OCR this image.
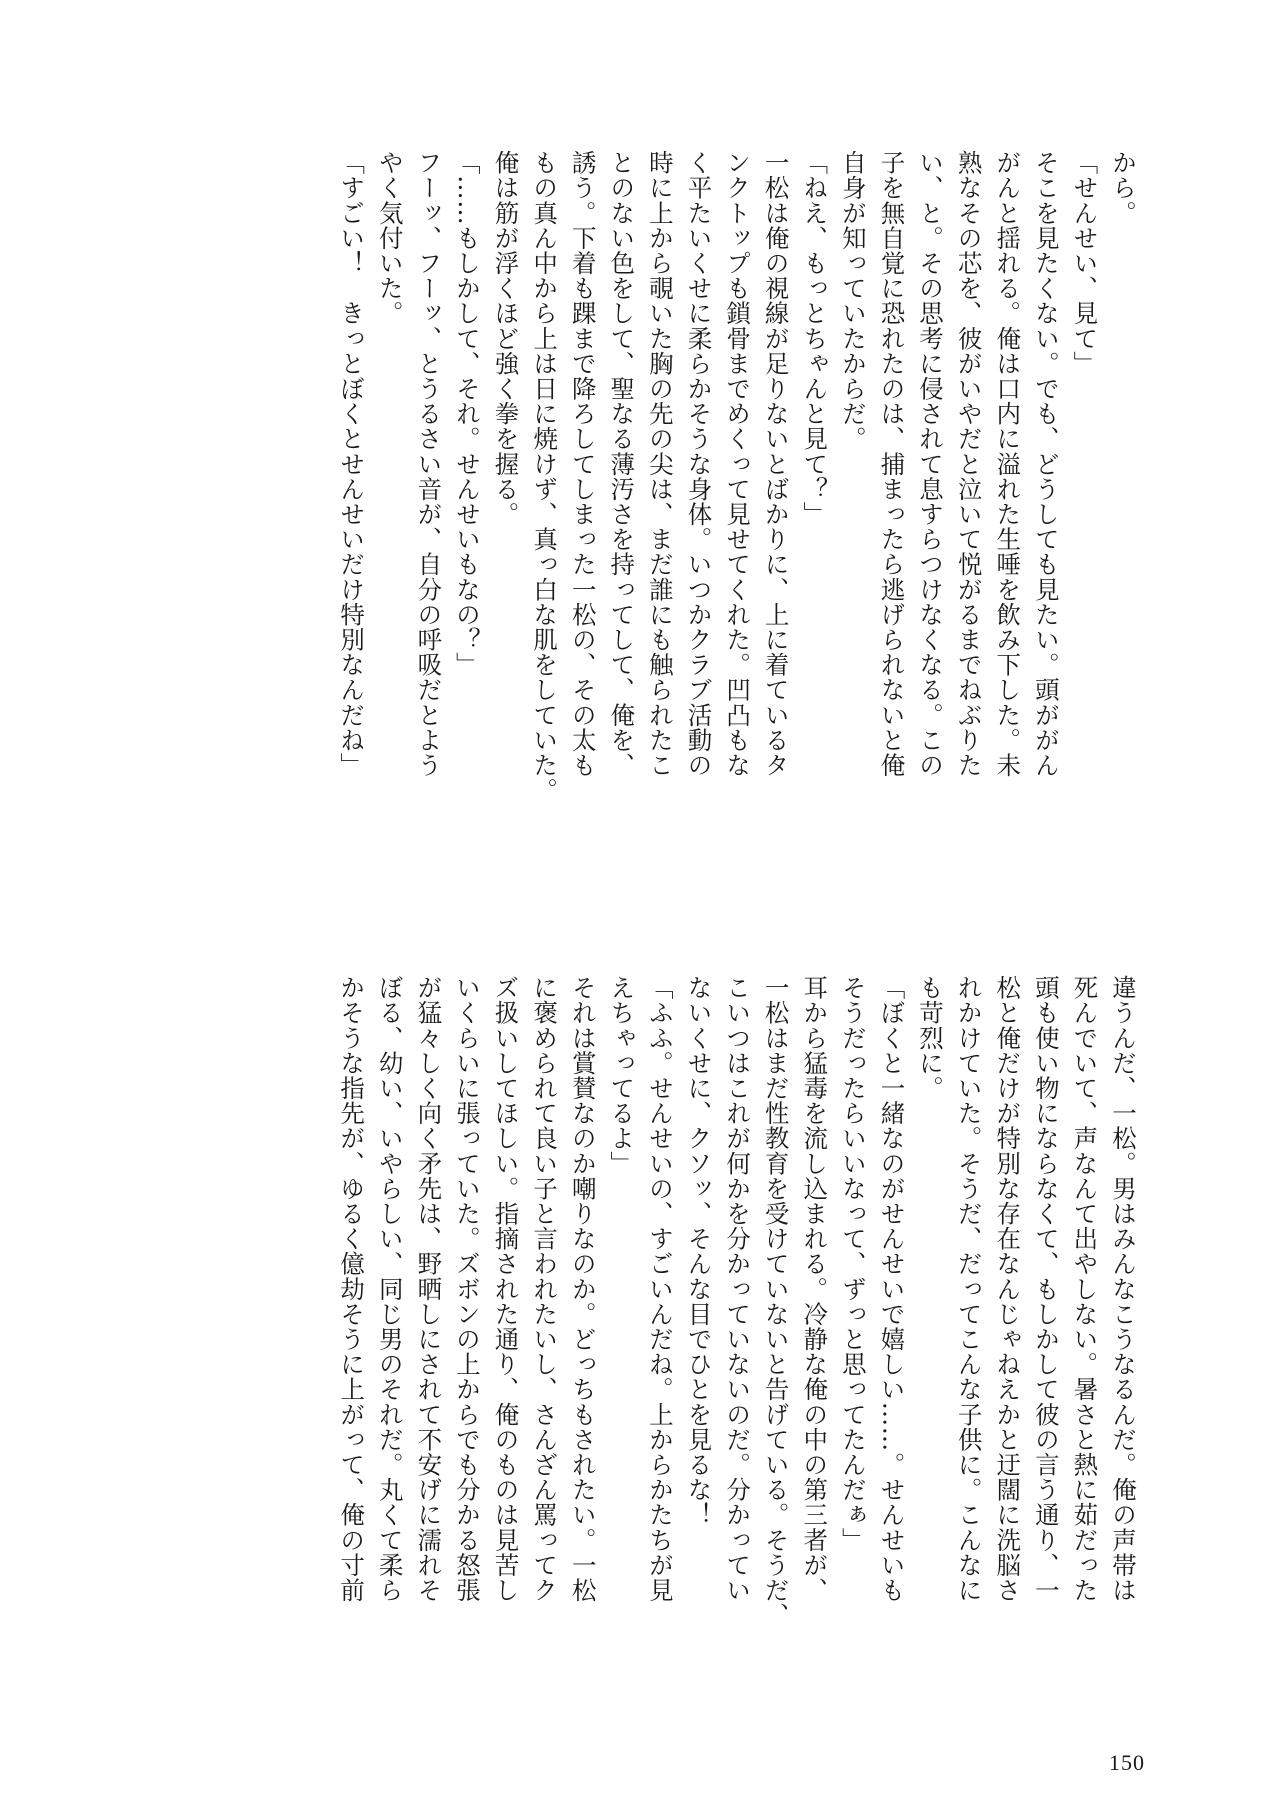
から。
「せんせい、見て」
そこを見たくない。でも、どうしても見たい。頭ががん
がんと揺れる。俺は口内に溢れた生唾を飲み下した。未
熟なその芯を、彼がいやだと泣いて悦がるまでねぶりた
い、と。その思考に侵されて息すらつけなくなる。この
子を無自覚に恐れたのは、捕まったら逃げられないと俺
自身が知っていたからだ。
「ねえ、もっとちゃんと見て？」
一松は俺の視線が足りないとばかりに、上に着ているタ
ンクトップも鎖骨までめくって見せてくれた。凹凸もな
く平たいくせに柔らかそうな身体。いつかクラブ活動の
時に上から覗いた胸の先の尖は、まだ誰にも触られたこ
とのない色をして、聖なる薄汚さを持ってして、俺を、
誘う。下着も踝まで降ろしてしまった一松の、その太も
もの真ん中から上は日に焼けず、真っ白な肌をしていた。
俺は筋が浮くほど強く拳を握る。
「……もしかして、それ。せんせいもなの？」
フーッ、フーッ、とうるさい音が、自分の呼吸だとよう
やく気付いた。
「すごい！　きっとぼくとせんせいだけ特別なんだね」
違うんだ、一松。男はみんなこうなるんだ。俺の声帯は
死んでいて、声なんて出やしない。暑さと熱に茹だった
頭も使い物にならなくて、もしかして彼の言う通り、一
松と俺だけが特別な存在なんじゃねえかと迂闊に洗脳さ
れかけていた。そうだ、だってこんな子供に。こんなに
も苛烈に。
「ぼくと一緒なのがせんせいで嬉しい……。せんせいも
そうだったらいいなって、ずっと思ってたんだぁ」
耳から猛毒を流し込まれる。冷静な俺の中の第三者が、
一松はまだ性教育を受けていないと告げている。そうだ、
こいつはこれが何かを分かっていないのだ。分かってい
ないくせに、クソッ、そんな目でひとを見るな！
「ふふ。せんせいの、すごいんだね。上からかたちが見
えちゃってるよ」
それは賞賛なのか嘲りなのか。どっちもされたい。一松
に褒められて良い子と言われたいし、さんざん罵ってク
ズ扱いしてほしい。指摘された通り、俺のものは見苦し
いくらいに張っていた。ズボンの上からでも分かる怒張
が猛々しく向く矛先は、野晒しにされて不安げに濡れそ
ぼる、幼い、いやらしい、同じ男のそれだ。丸くて柔ら
かそうな指先が、ゆるく億劫そうに上がって、俺の寸前
150
